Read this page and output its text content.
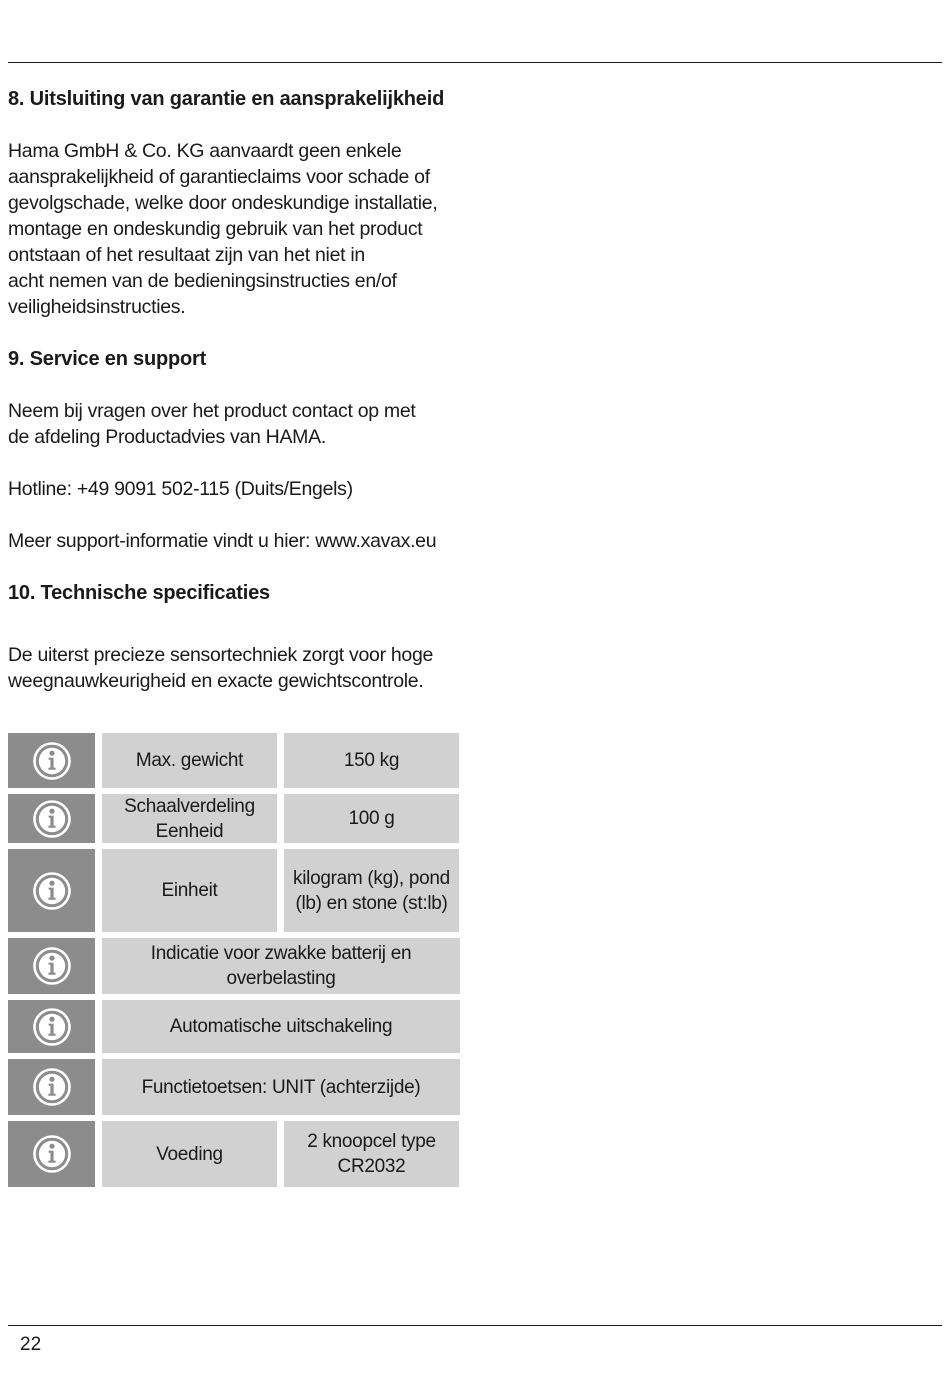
8. Uitsluiting van garantie en aansprakelijkheid

Hama GmbH & Co. KG aanvaardt geen enkele
aansprakelijkheid of garantieclaims voor schade of
gevolgschade, welke door ondeskundige installatie,
montage en ondeskundig gebruik van het product
ontstaan of het resultaat zijn van het niet in
acht nemen van de bedieningsinstructies en/of
veiligheidsinstructies.

9. Service en support

Neem bij vragen over het product contact op met
de afdeling Productadvies van HAMA.

Hotline: +49 9091 502-115 (Duits/Engels)

Meer support-informatie vindt u hier: www.xavax.eu

10. Technische specificaties

De uiterst precieze sensortechniek zorgt voor hoge
weegnauwkeurigheid en exacte gewichtscontrole.

Max. gewicht	150 kg
Schaalverdeling
Eenheid
100 g
Einheit
kilogram (kg), pond
(lb) en stone (st:lb)
Indicatie voor zwakke batterij en
overbelasting
Automatische uitschakeling
Functietoetsen: UNIT (achterzijde)
Voeding
2 knoopcel type
CR2032
22
